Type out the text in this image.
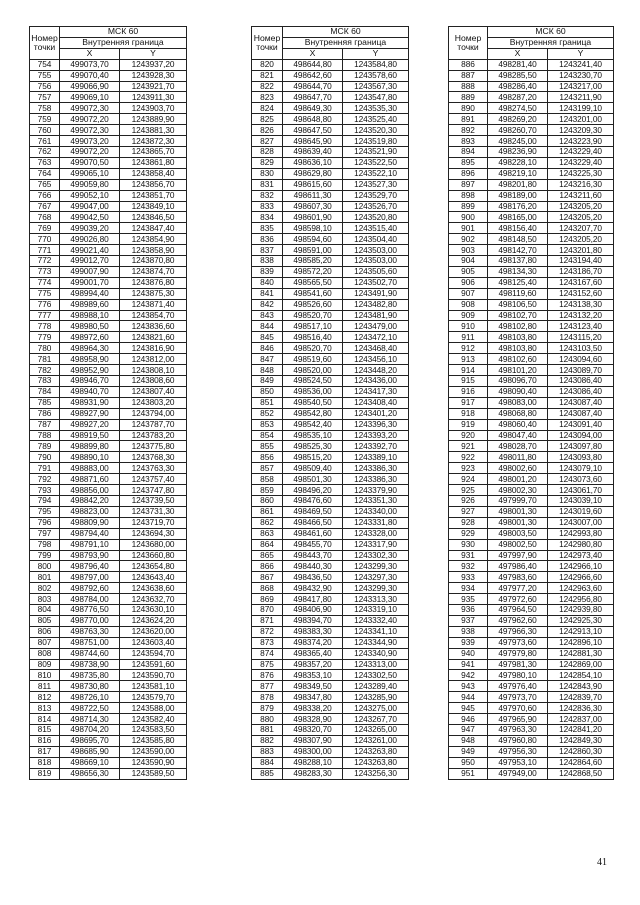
Номер точки	МСК 60	
	Внутренняя граница	
	X	Y
754	499073,70	1243937,20
755	499070,40	1243928,30
756	499066,90	1243921,70
757	499069,10	1243911,30
758	499072,30	1243903,70
759	499072,20	1243889,90
760	499072,30	1243881,30
761	499073,20	1243872,30
762	499072,20	1243865,70
763	499070,50	1243861,80
764	499065,10	1243858,40
765	499059,80	1243856,70
766	499052,10	1243851,70
767	499047,00	1243849,10
768	499042,50	1243846,50
769	499039,20	1243847,40
770	499026,80	1243854,90
771	499021,40	1243858,90
772	499012,70	1243870,80
773	499007,90	1243874,70
774	499001,70	1243876,80
775	498994,40	1243875,30
776	498989,60	1243871,40
777	498988,10	1243854,70
778	498980,50	1243836,60
779	498972,60	1243821,60
780	498964,30	1243816,90
781	498958,90	1243812,00
782	498952,90	1243808,10
783	498946,70	1243808,60
784	498940,70	1243807,40
785	498931,90	1243803,20
786	498927,90	1243794,00
787	498927,20	1243787,70
788	498919,50	1243783,20
789	498899,80	1243775,80
790	498890,10	1243768,30
791	498883,00	1243763,30
792	498871,60	1243757,40
793	498856,00	1243747,80
794	498842,20	1243739,50
795	498823,00	1243731,30
796	498809,90	1243719,70
797	498794,40	1243694,30
798	498791,10	1243680,00
799	498793,90	1243660,80
800	498796,40	1243654,80
801	498797,00	1243643,40
802	498792,60	1243638,60
803	498784,00	1243632,70
804	498776,50	1243630,10
805	498770,00	1243624,20
806	498763,30	1243620,00
807	498751,00	1243603,40
808	498744,60	1243594,70
809	498738,90	1243591,60
810	498735,80	1243590,70
811	498730,80	1243581,10
812	498726,10	1243579,70
813	498722,50	1243588,00
814	498714,30	1243582,40
815	498704,20	1243583,50
816	498695,70	1243585,80
817	498685,90	1243590,00
818	498669,10	1243590,90
819	498656,30	1243589,50
Номер точки	МСК 60	
	Внутренняя граница	
	X	Y
820	498644,80	1243584,80
821	498642,60	1243578,60
822	498644,70	1243567,30
823	498647,70	1243547,80
824	498649,30	1243535,30
825	498648,80	1243525,40
826	498647,50	1243520,30
827	498645,90	1243519,80
828	498639,40	1243521,90
829	498636,10	1243522,50
830	498629,80	1243522,10
831	498615,60	1243527,30
832	498611,30	1243529,70
833	498607,30	1243526,70
834	498601,90	1243520,80
835	498598,10	1243515,40
836	498594,60	1243504,40
837	498591,00	1243503,00
838	498585,20	1243503,00
839	498572,20	1243505,60
840	498565,50	1243502,70
841	498541,60	1243491,90
842	498526,60	1243482,80
843	498520,70	1243481,90
844	498517,10	1243479,00
845	498516,40	1243472,10
846	498520,70	1243468,40
847	498519,60	1243456,10
848	498520,00	1243448,20
849	498524,50	1243436,00
850	498536,00	1243417,30
851	498540,50	1243408,40
852	498542,80	1243401,20
853	498542,40	1243396,30
854	498535,10	1243393,20
855	498525,30	1243392,70
856	498515,20	1243389,10
857	498509,40	1243386,30
858	498501,30	1243386,30
859	498496,20	1243379,90
860	498476,60	1243351,30
861	498469,50	1243340,00
862	498466,50	1243331,80
863	498461,60	1243328,00
864	498455,70	1243317,90
865	498443,70	1243302,30
866	498440,30	1243299,30
867	498436,50	1243297,30
868	498432,90	1243299,30
869	498417,80	1243313,30
870	498406,90	1243319,10
871	498394,70	1243332,40
872	498383,30	1243341,10
873	498374,20	1243344,90
874	498365,40	1243340,90
875	498357,20	1243313,00
876	498353,10	1243302,50
877	498349,50	1243289,40
878	498347,80	1243285,90
879	498338,20	1243275,00
880	498328,90	1243267,70
881	498320,70	1243265,00
882	498307,90	1243261,00
883	498300,00	1243263,80
884	498288,10	1243263,80
885	498283,30	1243256,30
Номер точки	МСК 60	
	Внутренняя граница	
	X	Y
886	498281,40	1243241,40
887	498285,50	1243230,70
888	498286,40	1243217,00
889	498287,20	1243211,90
890	498274,50	1243199,10
891	498269,20	1243201,00
892	498260,70	1243209,30
893	498245,00	1243223,90
894	498236,90	1243229,40
895	498228,10	1243229,40
896	498219,10	1243225,30
897	498201,80	1243216,30
898	498189,00	1243211,60
899	498176,20	1243205,20
900	498165,00	1243205,20
901	498156,40	1243207,70
902	498148,50	1243205,20
903	498142,70	1243201,80
904	498137,80	1243194,40
905	498134,30	1243186,70
906	498125,40	1243167,60
907	498119,60	1243152,60
908	498106,50	1243138,30
909	498102,70	1243132,20
910	498102,80	1243123,40
911	498103,80	1243115,20
912	498103,80	1243103,50
913	498102,60	1243094,60
914	498101,20	1243089,70
915	498096,70	1243086,40
916	498090,40	1243086,40
917	498083,00	1243087,40
918	498068,80	1243087,40
919	498060,40	1243091,40
920	498047,40	1243094,00
921	498028,70	1243097,80
922	498011,80	1243093,80
923	498002,60	1243079,10
924	498001,20	1243073,60
925	498002,30	1243061,70
926	497999,70	1243039,10
927	498001,30	1243019,60
928	498001,30	1243007,00
929	498003,50	1242993,80
930	498002,50	1242980,80
931	497997,90	1242973,40
932	497986,40	1242966,10
933	497983,60	1242966,60
934	497977,20	1242963,60
935	497972,60	1242956,80
936	497964,50	1242939,80
937	497962,60	1242925,30
938	497966,30	1242913,10
939	497973,60	1242896,10
940	497979,80	1242881,30
941	497981,30	1242869,00
942	497980,10	1242854,10
943	497976,40	1242843,90
944	497973,70	1242839,70
945	497970,60	1242836,30
946	497965,90	1242837,00
947	497963,30	1242841,20
948	497960,80	1242849,30
949	497956,30	1242860,30
950	497953,10	1242864,60
951	497949,00	1242868,50
41
